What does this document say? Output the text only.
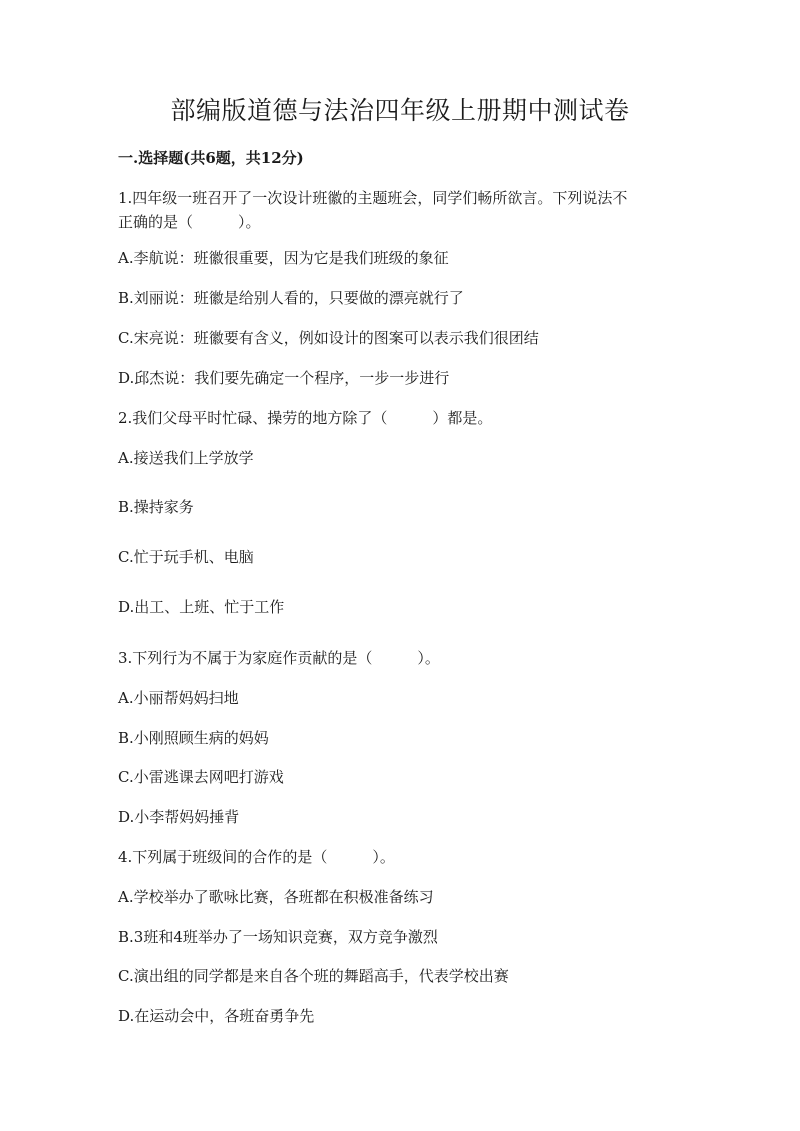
部编版道德与法治四年级上册期中测试卷
一.选择题(共6题，共12分)
1.四年级一班召开了一次设计班徽的主题班会，同学们畅所欲言。下列说法不
正确的是（　　　）。
A.李航说：班徽很重要，因为它是我们班级的象征
B.刘丽说：班徽是给别人看的，只要做的漂亮就行了
C.宋亮说：班徽要有含义，例如设计的图案可以表示我们很团结
D.邱杰说：我们要先确定一个程序，一步一步进行
2.我们父母平时忙碌、操劳的地方除了（　　　）都是。
A.接送我们上学放学
B.操持家务
C.忙于玩手机、电脑
D.出工、上班、忙于工作
3.下列行为不属于为家庭作贡献的是（　　　）。
A.小丽帮妈妈扫地
B.小刚照顾生病的妈妈
C.小雷逃课去网吧打游戏
D.小李帮妈妈捶背
4.下列属于班级间的合作的是（　　　）。
A.学校举办了歌咏比赛，各班都在积极准备练习
B.3班和4班举办了一场知识竞赛，双方竞争激烈
C.演出组的同学都是来自各个班的舞蹈高手，代表学校出赛
D.在运动会中，各班奋勇争先
